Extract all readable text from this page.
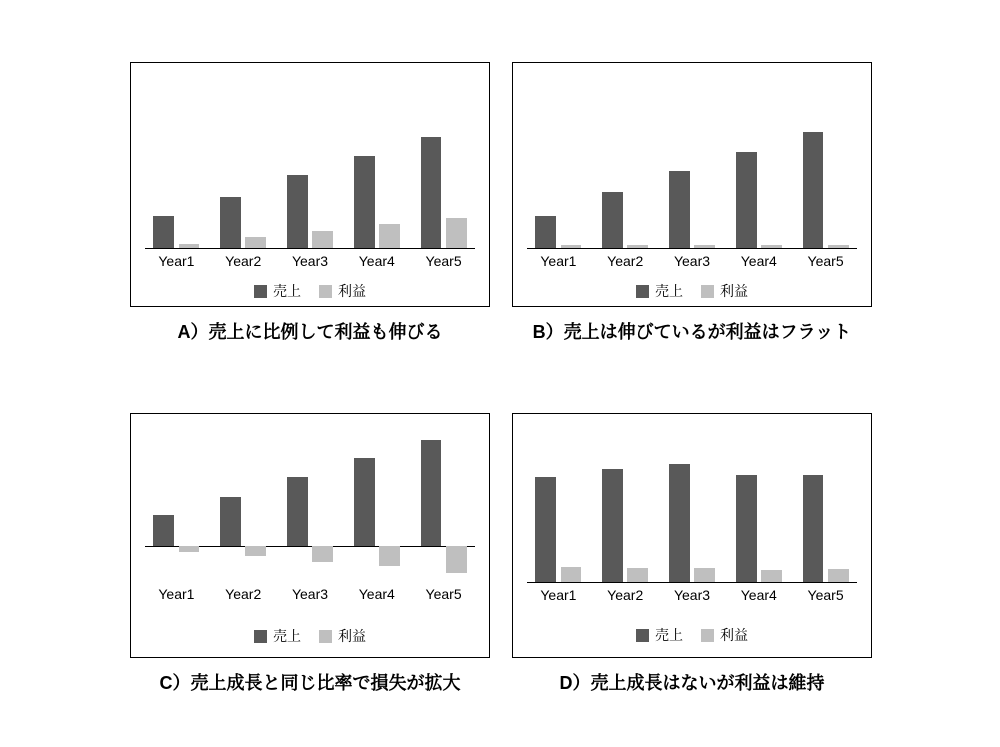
Year1	Year2	Year3	Year4	Year5
売上	利益
A）売上に比例して利益も伸びる
Year1	Year2	Year3	Year4	Year5
売上	利益
B）売上は伸びているが利益はフラット
Year1	Year2	Year3	Year4	Year5
売上	利益
C）売上成長と同じ比率で損失が拡大
Year1	Year2	Year3	Year4	Year5
売上	利益
D）売上成長はないが利益は維持
